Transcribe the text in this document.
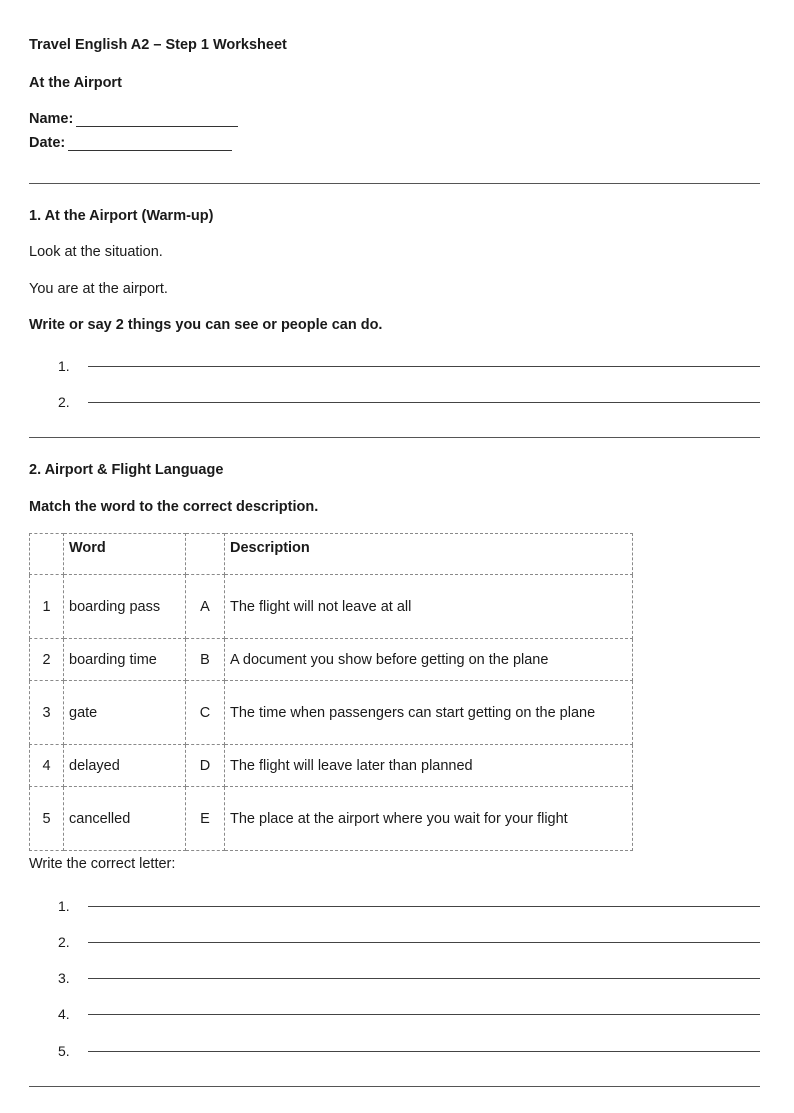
Travel English A2 – Step 1 Worksheet
At the Airport
Name:
Date:
1. At the Airport (Warm-up)
Look at the situation.
You are at the airport.
Write or say 2 things you can see or people can do.
1.
2.
2. Airport & Flight Language
Match the word to the correct description.
	Word		Description
1	boarding pass	A	The flight will not leave at all
2	boarding time	B	A document you show before getting on the plane
3	gate	C	The time when passengers can start getting on the plane
4	delayed	D	The flight will leave later than planned
5	cancelled	E	The place at the airport where you wait for your flight
Write the correct letter:
1.
2.
3.
4.
5.
